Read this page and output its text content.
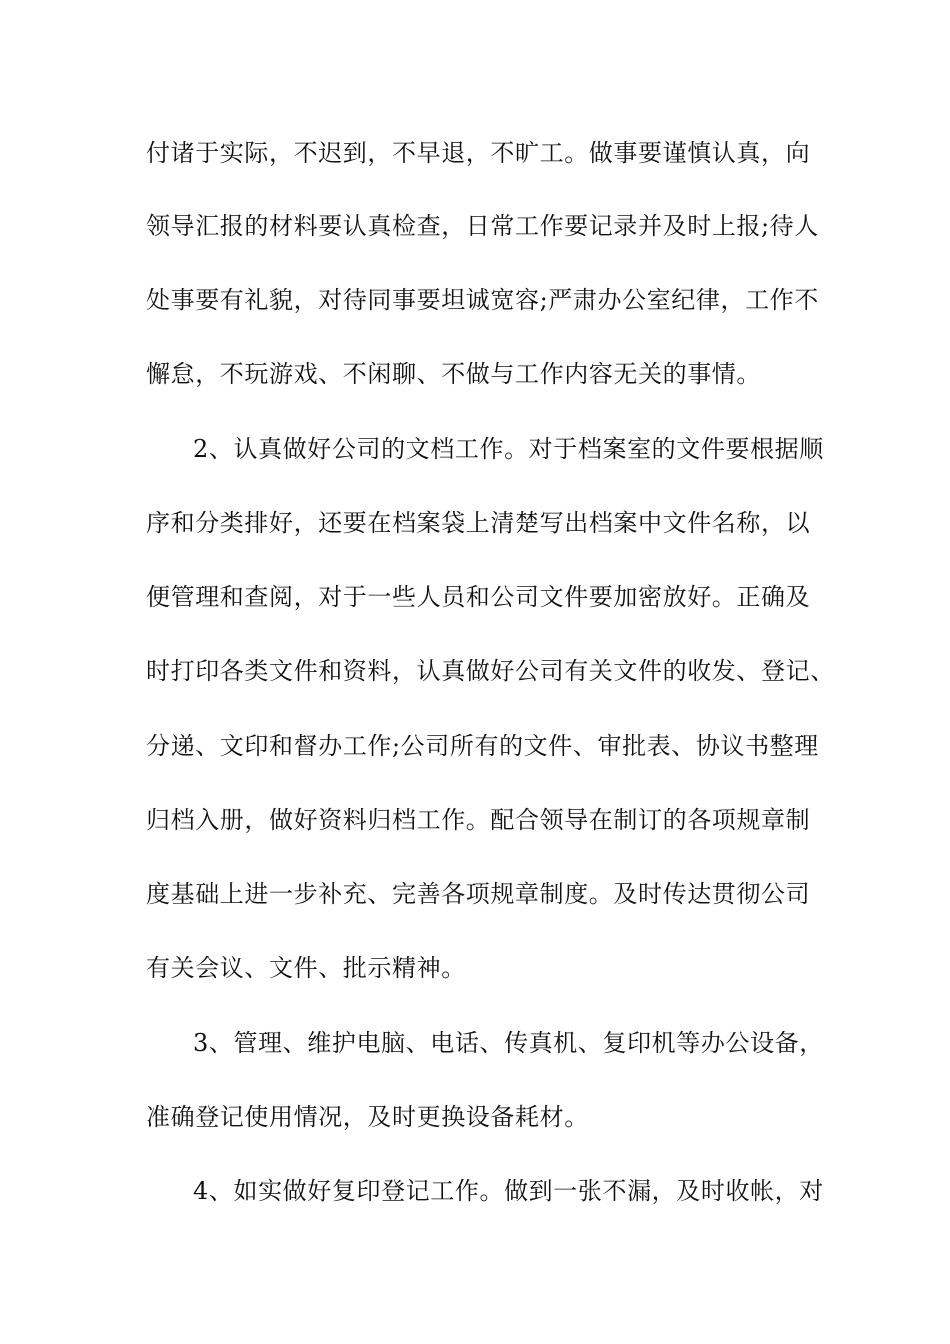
付诸于实际，不迟到，不早退，不旷工。做事要谨慎认真，向
领导汇报的材料要认真检查，日常工作要记录并及时上报;待人
处事要有礼貌，对待同事要坦诚宽容;严肃办公室纪律，工作不
懈怠，不玩游戏、不闲聊、不做与工作内容无关的事情。
2、认真做好公司的文档工作。对于档案室的文件要根据顺
序和分类排好，还要在档案袋上清楚写出档案中文件名称，以
便管理和查阅，对于一些人员和公司文件要加密放好。正确及
时打印各类文件和资料，认真做好公司有关文件的收发、登记、
分递、文印和督办工作;公司所有的文件、审批表、协议书整理
归档入册，做好资料归档工作。配合领导在制订的各项规章制
度基础上进一步补充、完善各项规章制度。及时传达贯彻公司
有关会议、文件、批示精神。
3、管理、维护电脑、电话、传真机、复印机等办公设备，
准确登记使用情况，及时更换设备耗材。
4、如实做好复印登记工作。做到一张不漏，及时收帐，对
